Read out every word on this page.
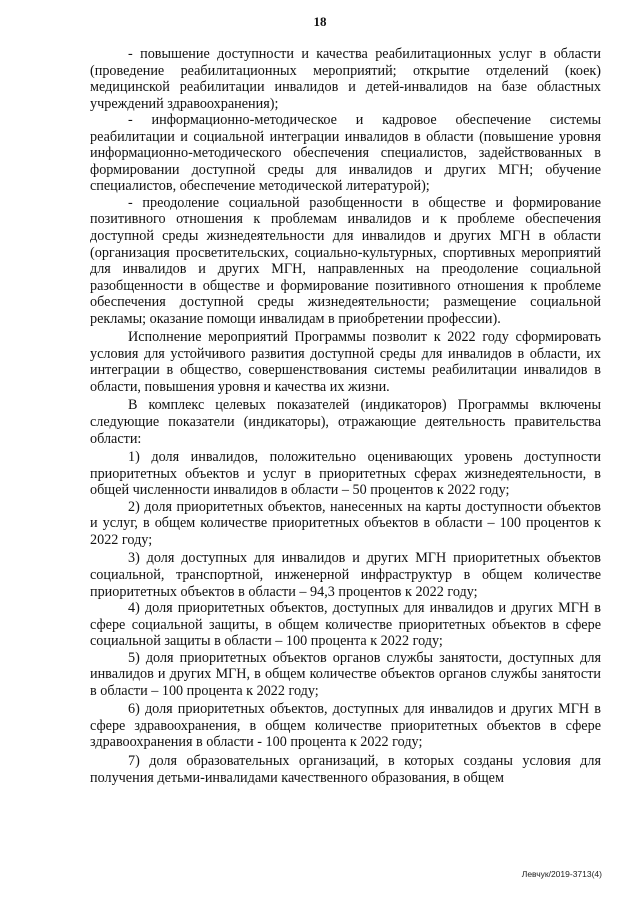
18

- повышение доступности и качества реабилитационных услуг в области (проведение реабилитационных мероприятий; открытие отделений (коек) медицинской реабилитации инвалидов и детей-инвалидов на базе областных учреждений здравоохранения);

- информационно-методическое и кадровое обеспечение системы реабилитации и социальной интеграции инвалидов в области (повышение уровня информационно-методического обеспечения специалистов, задействованных в формировании доступной среды для инвалидов и других МГН; обучение специалистов, обеспечение методической литературой);

- преодоление социальной разобщенности в обществе и формирование позитивного отношения к проблемам инвалидов и к проблеме обеспечения доступной среды жизнедеятельности для инвалидов и других МГН в области (организация просветительских, социально-культурных, спортивных мероприятий для инвалидов и других МГН, направленных на преодоление социальной разобщенности в обществе и формирование позитивного отношения к проблеме обеспечения доступной среды жизнедеятельности; размещение социальной рекламы; оказание помощи инвалидам в приобретении профессии).

Исполнение мероприятий Программы позволит к 2022 году сформировать условия для устойчивого развития доступной среды для инвалидов в области, их интеграции в общество, совершенствования системы реабилитации инвалидов в области, повышения уровня и качества их жизни.

В комплекс целевых показателей (индикаторов) Программы включены следующие показатели (индикаторы), отражающие деятельность правительства области:

1) доля инвалидов, положительно оценивающих уровень доступности приоритетных объектов и услуг в приоритетных сферах жизнедеятельности, в общей численности инвалидов в области – 50 процентов к 2022 году;

2) доля приоритетных объектов, нанесенных на карты доступности объектов и услуг, в общем количестве приоритетных объектов в области – 100 процентов к 2022 году;

3) доля доступных для инвалидов и других МГН приоритетных объектов социальной, транспортной, инженерной инфраструктур в общем количестве приоритетных объектов в области – 94,3 процентов к 2022 году;

4) доля приоритетных объектов, доступных для инвалидов и других МГН в сфере социальной защиты, в общем количестве приоритетных объектов в сфере социальной защиты в области – 100 процента к 2022 году;

5) доля приоритетных объектов органов службы занятости, доступных для инвалидов и других МГН, в общем количестве объектов органов службы занятости в области – 100 процента к 2022 году;

6) доля приоритетных объектов, доступных для инвалидов и других МГН в сфере здравоохранения, в общем количестве приоритетных объектов в сфере здравоохранения в области - 100 процента к 2022 году;

7) доля образовательных организаций, в которых созданы условия для получения детьми-инвалидами качественного образования, в общем

Левчук/2019-3713(4)
